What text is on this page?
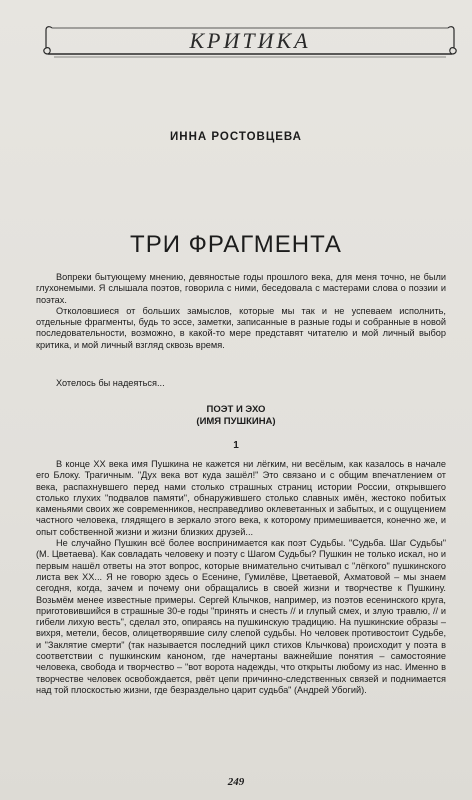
КРИТИКА
ИННА РОСТОВЦЕВА
ТРИ ФРАГМЕНТА

Вопреки бытующему мнению, девяностые годы прошлого века, для меня точно, не были глухонемыми. Я слышала поэтов, говорила с ними, беседовала с мастерами слова о поэзии и поэтах.

Отколовшиеся от больших замыслов, которые мы так и не успеваем исполнить, отдельные фрагменты, будь то эссе, заметки, записанные в разные годы и собранные в новой последовательности, возможно, в какой-то мере представят читателю и мой личный выбор критика, и мой личный взгляд сквозь время.

Хотелось бы надеяться...
ПОЭТ И ЭХО
(ИМЯ ПУШКИНА)
1

В конце XX века имя Пушкина не кажется ни лёгким, ни весёлым, как казалось в начале его Блоку. Трагичным. "Дух века вот куда зашёл!" Это связано и с общим впечатлением от века, распахнувшего перед нами столько страшных страниц истории России, открывшего столько глухих "подвалов памяти", обнаружившего столько славных имён, жестоко побитых каменьями своих же современников, несправедливо оклеветанных и забытых, и с ощущением частного человека, глядящего в зеркало этого века, к которому примешивается, конечно же, и опыт собственной жизни и жизни близких друзей...

Не случайно Пушкин всё более воспринимается как поэт Судьбы. "Судьба. Шаг Судьбы" (М. Цветаева). Как совладать человеку и поэту с Шагом Судьбы? Пушкин не только искал, но и первым нашёл ответы на этот вопрос, которые внимательно считывал с "лёгкого" пушкинского листа век XX... Я не говорю здесь о Есенине, Гумилёве, Цветаевой, Ахматовой – мы знаем сегодня, когда, зачем и почему они обращались в своей жизни и творчестве к Пушкину. Возьмём менее известные примеры. Сергей Клычков, например, из поэтов есенинского круга, приготовившийся в страшные 30-е годы "принять и снесть // и глупый смех, и злую травлю, // и гибели лихую весть", сделал это, опираясь на пушкинскую традицию. На пушкинские образы – вихря, метели, бесов, олицетворявшие силу слепой судьбы. Но человек противостоит Судьбе, и "Заклятие смерти" (так называется последний цикл стихов Клычкова) происходит у поэта в соответствии с пушкинским каноном, где начертаны важнейшие понятия – самостояние человека, свобода и творчество – "вот ворота надежды, что открыты любому из нас. Именно в творчестве человек освобождается, рвёт цепи причинно-следственных связей и поднимается над той плоскостью жизни, где безраздельно царит судьба" (Андрей Убогий).

249
